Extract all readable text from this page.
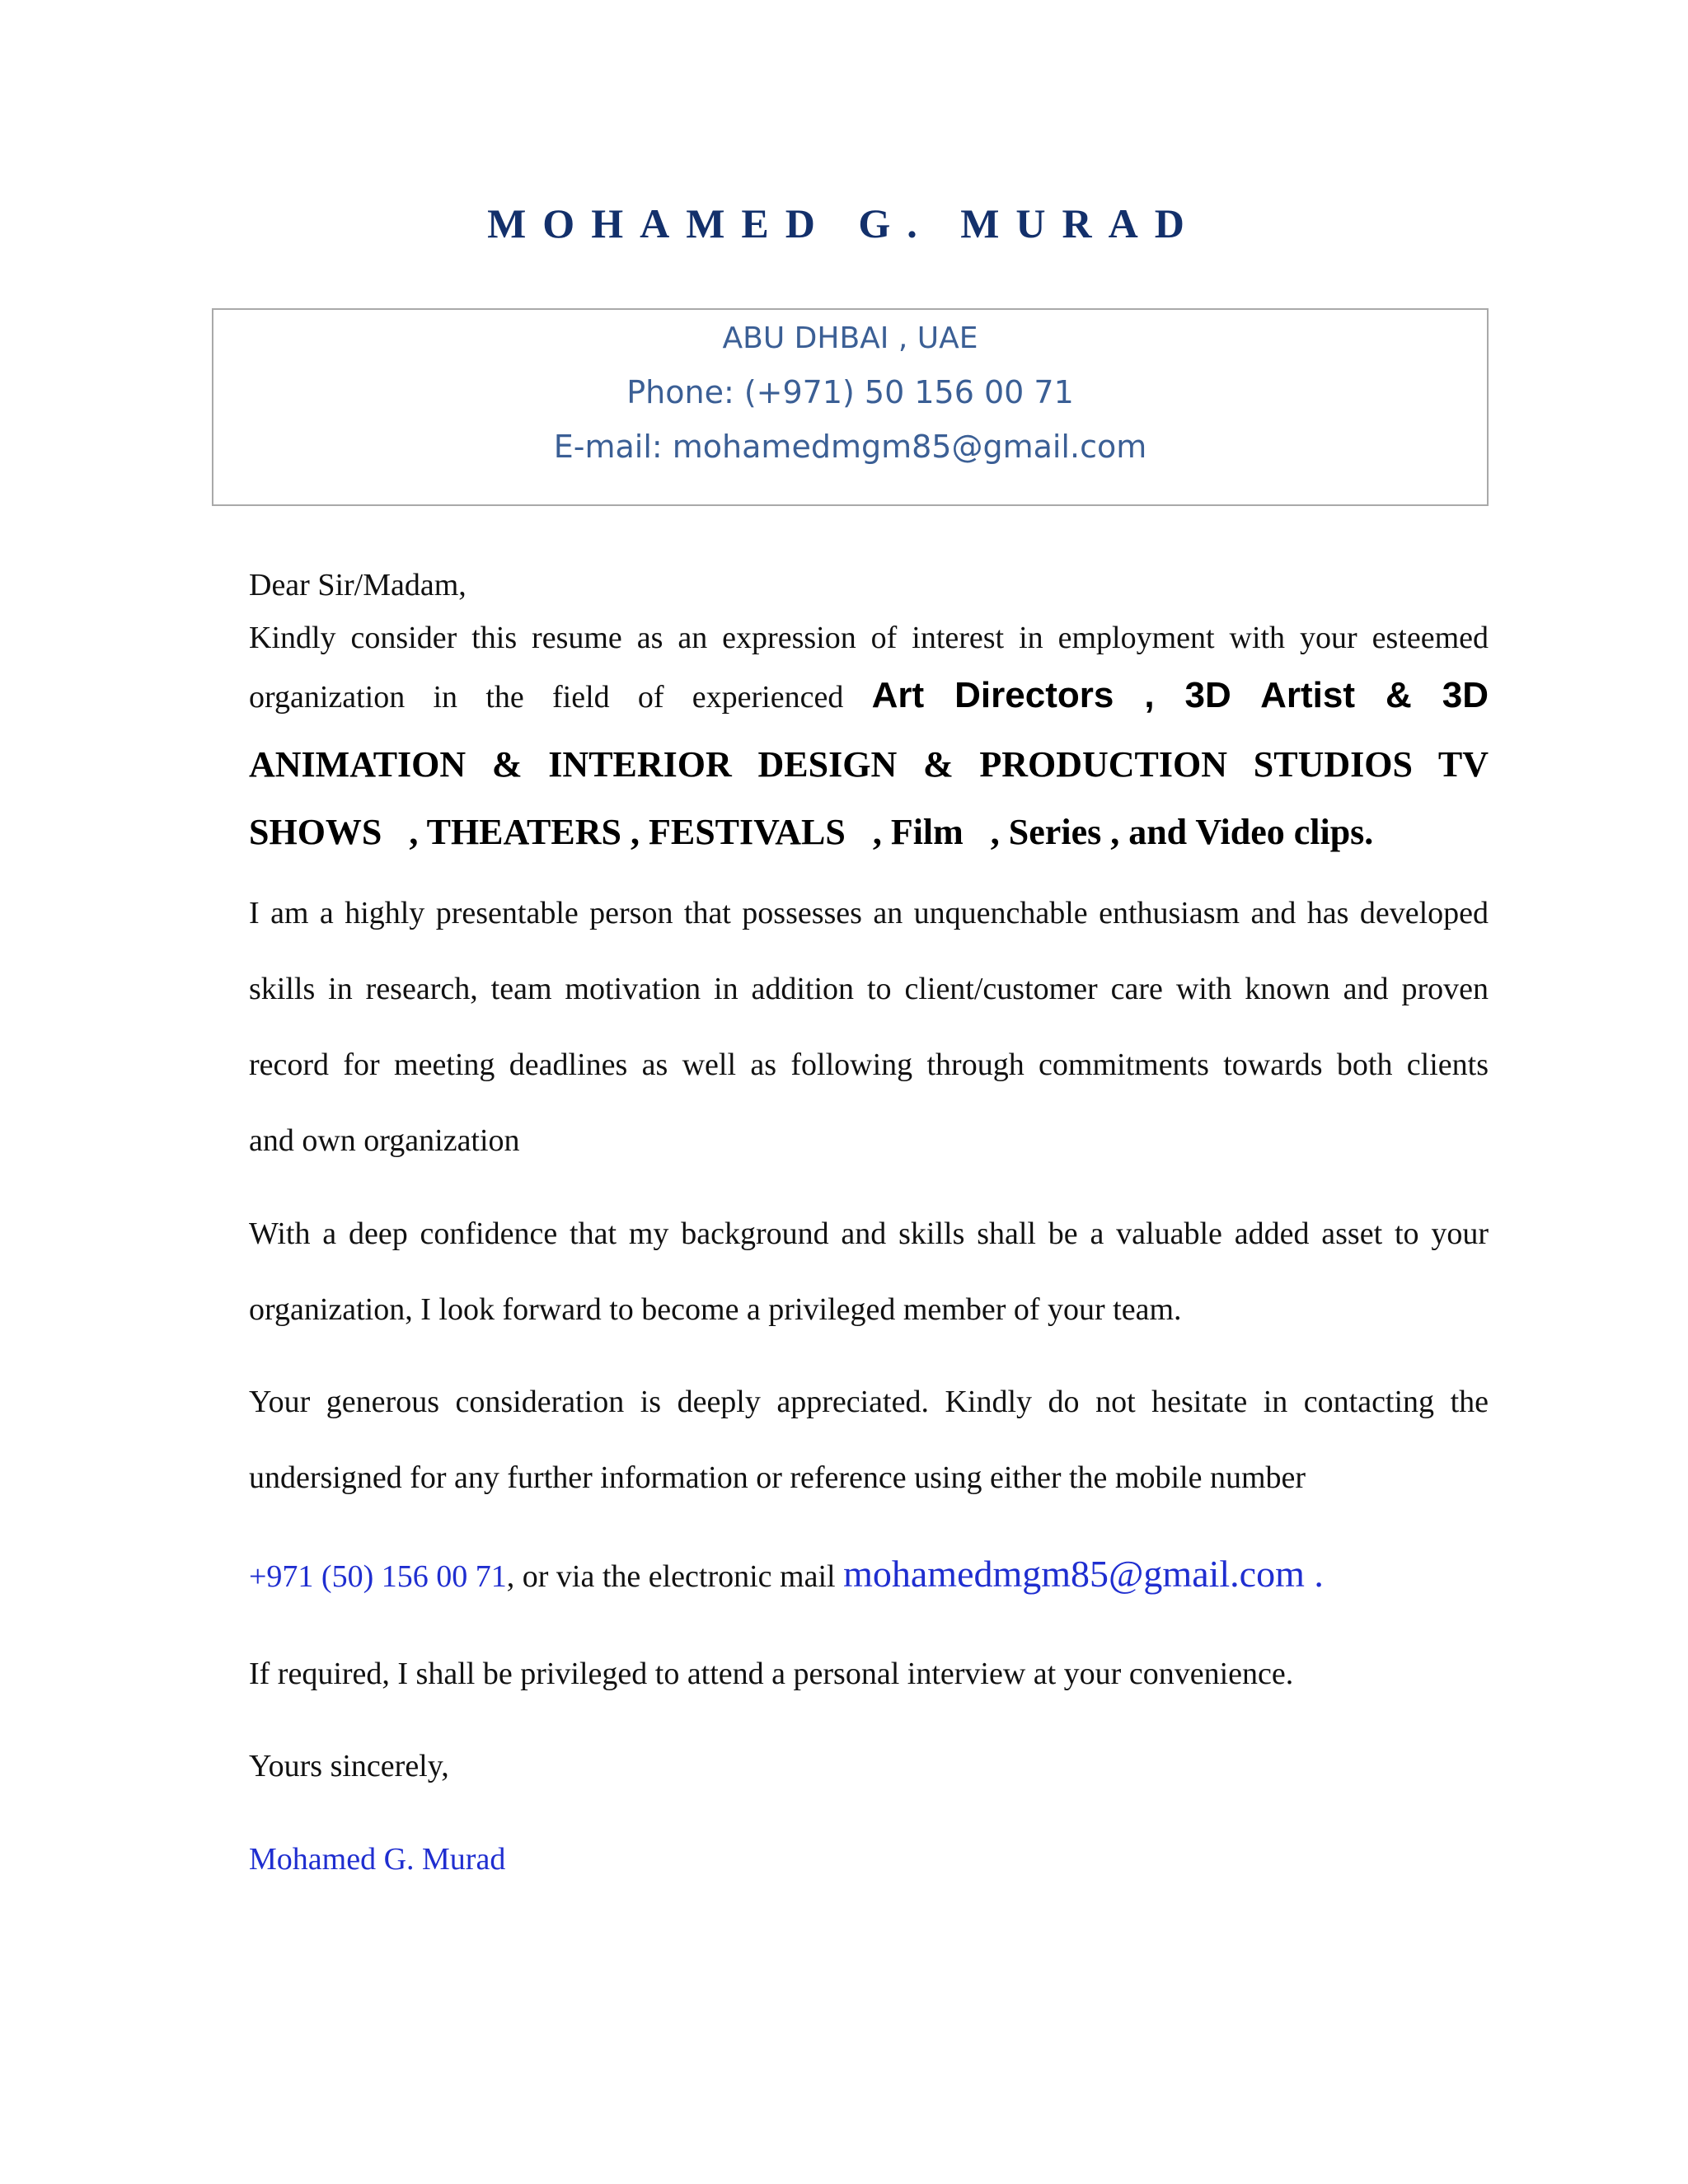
MOHAMED G. MURAD
ABU DHBAI , UAE
Phone: (+971) 50 156 00 71
E-mail: mohamedmgm85@gmail.com
Dear Sir/Madam,
Kindly consider this resume as an expression of interest in employment with your esteemed
organization in the field of experienced Art Directors , 3D Artist & 3D
ANIMATION & INTERIOR DESIGN & PRODUCTION STUDIOS TV
SHOWS   , THEATERS , FESTIVALS   , Film   , Series , and Video clips.
I am a highly presentable person that possesses an unquenchable enthusiasm and has developed
skills in research, team motivation in addition to client/customer care with known and proven
record for meeting deadlines as well as following through commitments towards both clients
and own organization
With a deep confidence that my background and skills shall be a valuable added asset to your
organization, I look forward to become a privileged member of your team.
Your generous consideration is deeply appreciated. Kindly do not hesitate in contacting the
undersigned for any further information or reference using either the mobile number
+971 (50) 156 00 71, or via the electronic mail mohamedmgm85@gmail.com .
If required, I shall be privileged to attend a personal interview at your convenience.
Yours sincerely,
Mohamed G. Murad
